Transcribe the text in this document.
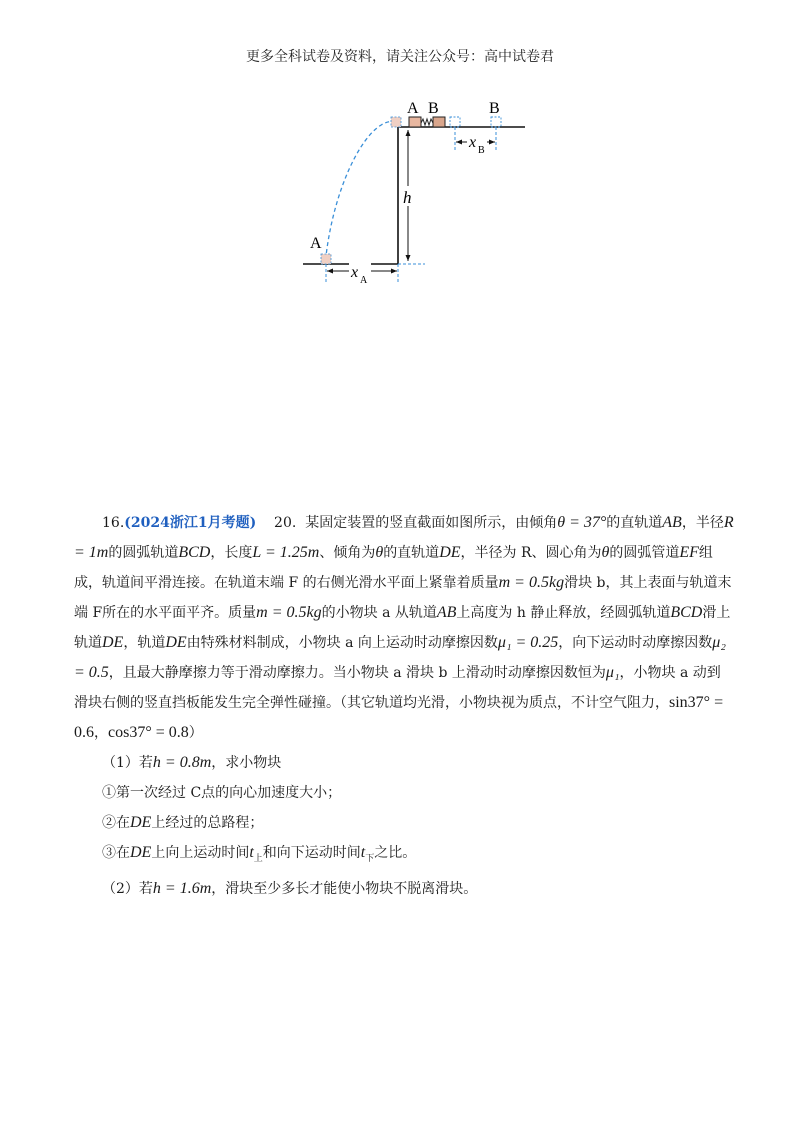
更多全科试卷及资料，请关注公众号：高中试卷君
A B	B
x B
h
A
x A

16.(2024浙江1月考题) 20. 某固定装置的竖直截面如图所示，由倾角θ = 37°的直轨道AB，半径R = 1m的圆弧轨道BCD，长度L = 1.25m、倾角为θ的直轨道DE，半径为 R、圆心角为θ的圆弧管道EF组成，轨道间平滑连接。在轨道末端 F 的右侧光滑水平面上紧靠着质量m = 0.5kg滑块 b，其上表面与轨道末端 F所在的水平面平齐。质量m = 0.5kg的小物块 a 从轨道AB上高度为 h 静止释放，经圆弧轨道BCD滑上轨道DE，轨道DE由特殊材料制成，小物块 a 向上运动时动摩擦因数μ₁ = 0.25，向下运动时动摩擦因数μ₂ = 0.5，且最大静摩擦力等于滑动摩擦力。当小物块 a 滑块 b 上滑动时动摩擦因数恒为μ₁，小物块 a 动到滑块右侧的竖直挡板能发生完全弹性碰撞。（其它轨道均光滑，小物块视为质点，不计空气阻力，sin37° = 0.6，cos37° = 0.8）

（1）若h = 0.8m，求小物块

①第一次经过 C点的向心加速度大小；

②在DE上经过的总路程；

③在DE上向上运动时间$t_上$和向下运动时间$t_下$之比。

（2）若h = 1.6m，滑块至少多长才能使小物块不脱离滑块。
